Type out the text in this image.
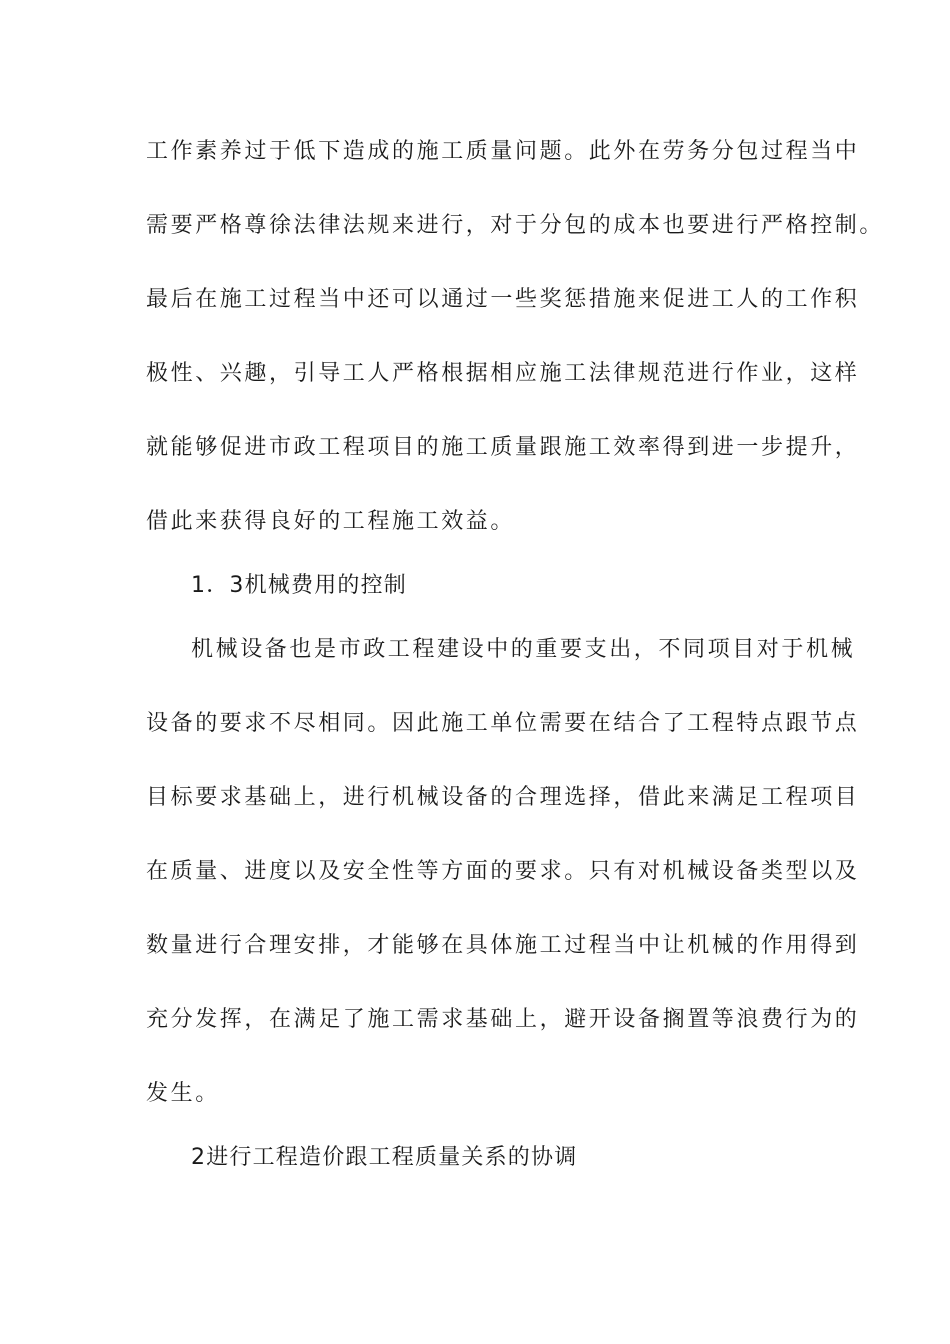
工作素养过于低下造成的施工质量问题。此外在劳务分包过程当中
需要严格尊徐法律法规来进行，对于分包的成本也要进行严格控制。
最后在施工过程当中还可以通过一些奖惩措施来促进工人的工作积
极性、兴趣，引导工人严格根据相应施工法律规范进行作业，这样
就能够促进市政工程项目的施工质量跟施工效率得到进一步提升，
借此来获得良好的工程施工效益。
1．3机械费用的控制
机械设备也是市政工程建设中的重要支出，不同项目对于机械
设备的要求不尽相同。因此施工单位需要在结合了工程特点跟节点
目标要求基础上，进行机械设备的合理选择，借此来满足工程项目
在质量、进度以及安全性等方面的要求。只有对机械设备类型以及
数量进行合理安排，才能够在具体施工过程当中让机械的作用得到
充分发挥，在满足了施工需求基础上，避开设备搁置等浪费行为的
发生。
2进行工程造价跟工程质量关系的协调
